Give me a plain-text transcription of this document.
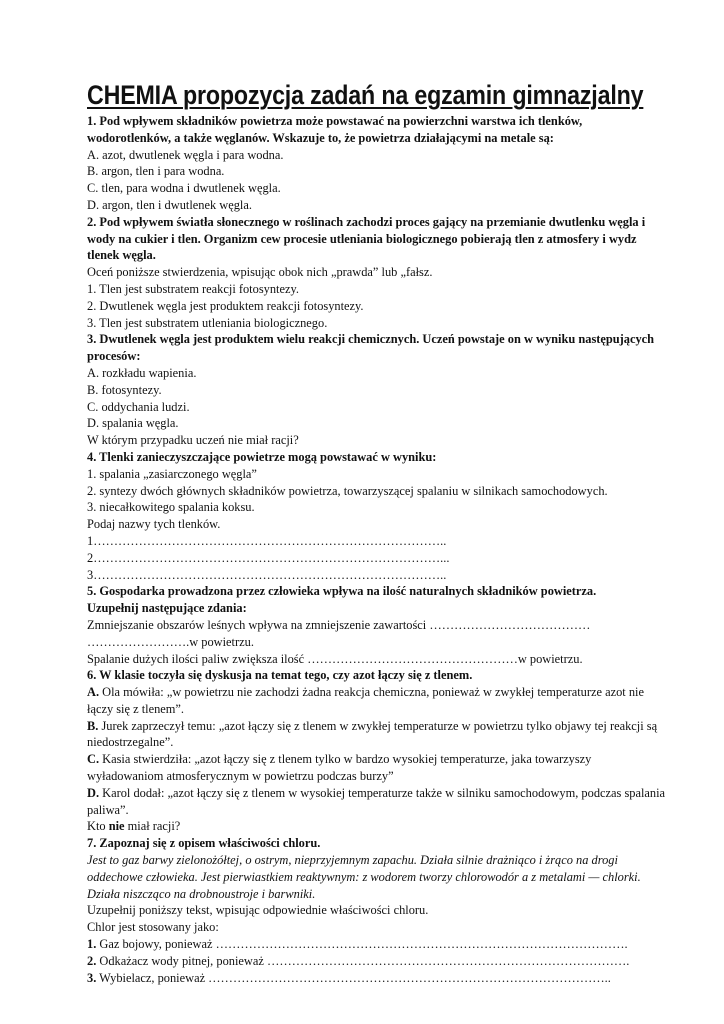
CHEMIA propozycja zadań na egzamin gimnazjalny
1. Pod wpływem składników powietrza może powstawać na powierzchni warstwa ich tlenków, wodorotlenków, a także węglanów. Wskazuje to, że powietrza działającymi na metale są:
A. azot, dwutlenek węgla i para wodna.
B. argon, tlen i para wodna.
C. tlen, para wodna i dwutlenek węgla.
D. argon, tlen i dwutlenek węgla.
2. Pod wpływem światła słonecznego w roślinach zachodzi proces gający na przemianie dwutlenku węgla i wody na cukier i tlen. Organizm cew procesie utleniania biologicznego pobierają tlen z atmosfery i wydz tlenek węgla.
Oceń poniższe stwierdzenia, wpisując obok nich „prawda” lub „fałsz.
1. Tlen jest substratem reakcji fotosyntezy.
2. Dwutlenek węgla jest produktem reakcji fotosyntezy.
3. Tlen jest substratem utleniania biologicznego.
3. Dwutlenek węgla jest produktem wielu reakcji chemicznych. Uczeń powstaje on w wyniku następujących procesów:
A. rozkładu wapienia.
B. fotosyntezy.
C. oddychania ludzi.
D. spalania węgla.
W którym przypadku uczeń nie miał racji?
4. Tlenki zanieczyszczające powietrze mogą powstawać w wyniku:
1. spalania „zasiarczonego węgla”
2. syntezy dwóch głównych składników powietrza, towarzyszącej spalaniu w silnikach samochodowych.
3. niecałkowitego spalania koksu.
Podaj nazwy tych tlenków.
1…………………………………………………………………………..
2…………………………………………………………………………...
3…………………………………………………………………………..
5. Gospodarka prowadzona przez człowieka wpływa na ilość naturalnych składników powietrza.
Uzupełnij następujące zdania:
Zmniejszanie obszarów leśnych wpływa na zmniejszenie zawartości …………………………………
…………………….w powietrzu.
Spalanie dużych ilości paliw zwiększa ilość ……………………………………………w powietrzu.
6. W klasie toczyła się dyskusja na temat tego, czy azot łączy się z tlenem.
A. Ola mówiła: „w powietrzu nie zachodzi żadna reakcja chemiczna, ponieważ w zwykłej temperaturze azot nie łączy się z tlenem”.
B. Jurek zaprzeczył temu: „azot łączy się z tlenem w zwykłej temperaturze w powietrzu tylko objawy tej reakcji są niedostrzegalne”.
C. Kasia stwierdziła: „azot łączy się z tlenem tylko w bardzo wysokiej temperaturze, jaka towarzyszy wyładowaniom atmosferycznym w powietrzu podczas burzy”
D. Karol dodał: „azot łączy się z tlenem w wysokiej temperaturze także w silniku samochodowym, podczas spalania paliwa”.
Kto nie miał racji?
7. Zapoznaj się z opisem właściwości chloru.
Jest to gaz barwy zielonożółtej, o ostrym, nieprzyjemnym zapachu. Działa silnie drażniąco i żrąco na drogi oddechowe człowieka. Jest pierwiastkiem reaktywnym: z wodorem tworzy chlorowodór a z metalami — chlorki. Działa niszcząco na drobnoustroje i barwniki.
Uzupełnij poniższy tekst, wpisując odpowiednie właściwości chloru.
Chlor jest stosowany jako:
1. Gaz bojowy, ponieważ ……………………………………………………………………………………….
2. Odkażacz wody pitnej, ponieważ …………………………………………………………………………….
3. Wybielacz, ponieważ ……………………………………………………………………………………..
